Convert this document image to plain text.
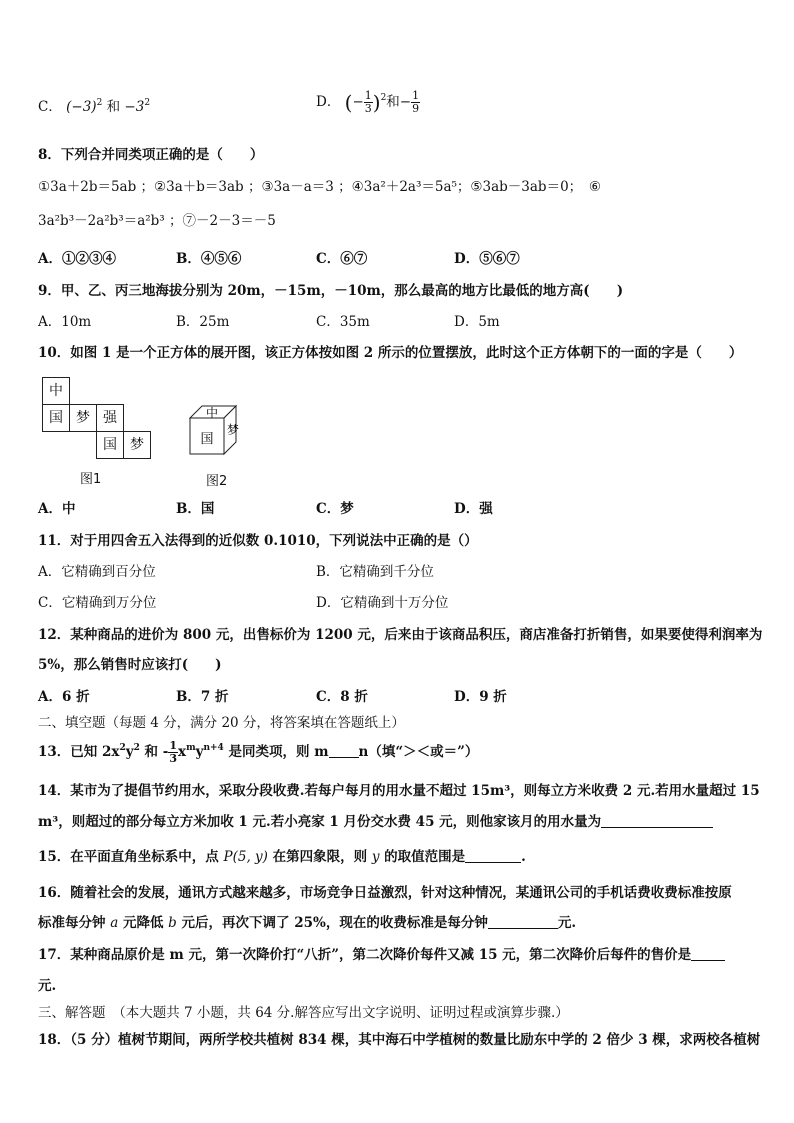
C． $(-3)^2$ 和 $-3^2$	D． (− $\frac{1}{3} )^2$和− $\frac{1}{9}$
8．下列合并同类项正确的是（　　）
①3a＋2b＝5ab ；②3a＋b＝3ab ；③3a－a＝3 ；④3a²＋2a³＝5a⁵；⑤3ab－3ab＝0；　⑥
3a²b³－2a²b³＝a²b³ ；⑦－2－3＝－5
A．①②③④	B．④⑤⑥	C．⑥⑦	D．⑤⑥⑦
9．甲、乙、丙三地海拔分别为 20m，－15m，－10m，那么最高的地方比最低的地方高(　　)
A．10m	B．25m	C．35m	D．5m
10．如图 1 是一个正方体的展开图，该正方体按如图 2 所示的位置摆放，此时这个正方体朝下的一面的字是（　　）
中
国 梦 强
国 梦
图1
中
国
梦
图2
A．中	B．国	C．梦	D．强
11．对于用四舍五入法得到的近似数 0.1010，下列说法中正确的是（）
A．它精确到百分位	B．它精确到千分位
C．它精确到万分位	D．它精确到十万分位
12．某种商品的进价为 800 元，出售标价为 1200 元，后来由于该商品积压，商店准备打折销售，如果要使得利润率为
5%，那么销售时应该打(　　)
A．6 折	B．7 折	C．8 折	D．9 折
二、填空题（每题 4 分，满分 20 分，将答案填在答题纸上）
13．已知 $2x^2y^2$ 和 - $\frac{1}{3} x^my^{n+4}$ 是同类项，则 m n（填“＞＜或＝”）
14．某市为了提倡节约用水，采取分段收费.若每户每月的用水量不超过 15m³，则每立方米收费 2 元.若用水量超过 15
m³，则超过的部分每立方米加收 1 元.若小亮家 1 月份交水费 45 元，则他家该月的用水量为
15．在平面直角坐标系中，点 P(5, y) 在第四象限，则 y 的取值范围是	.
16．随着社会的发展，通讯方式越来越多，市场竞争日益激烈，针对这种情况，某通讯公司的手机话费收费标准按原
标准每分钟 a 元降低 b 元后，再次下调了 25%，现在的收费标准是每分钟	元.
17．某种商品原价是 m 元，第一次降价打“八折”，第二次降价每件又减 15 元，第二次降价后每件的售价是
元.
三、解答题　（本大题共 7 小题，共 64 分.解答应写出文字说明、证明过程或演算步骤.）
18．（5 分）植树节期间，两所学校共植树 834 棵，其中海石中学植树的数量比励东中学的 2 倍少 3 棵，求两校各植树
